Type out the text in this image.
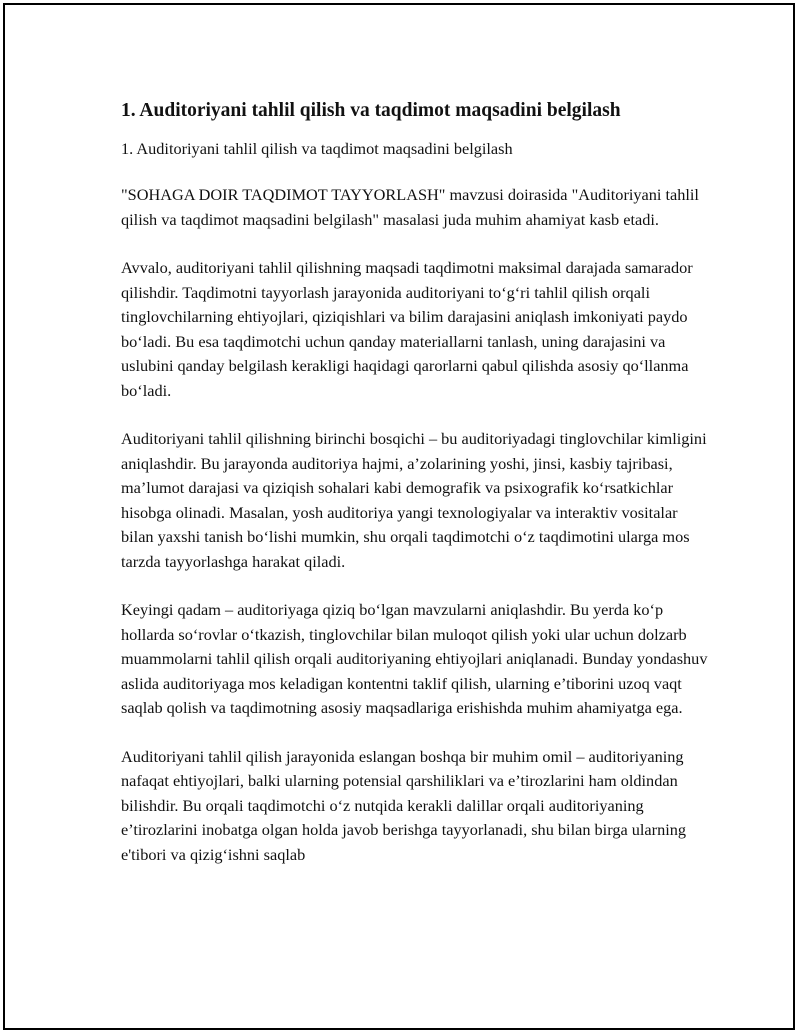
1. Auditoriyani tahlil qilish va taqdimot maqsadini belgilash
1. Auditoriyani tahlil qilish va taqdimot maqsadini belgilash

"SOHAGA DOIR TAQDIMOT TAYYORLASH" mavzusi doirasida "Auditoriyani tahlil qilish va taqdimot maqsadini belgilash" masalasi juda muhim ahamiyat kasb etadi.

Avvalo, auditoriyani tahlil qilishning maqsadi taqdimotni maksimal darajada samarador qilishdir. Taqdimotni tayyorlash jarayonida auditoriyani to‘g‘ri tahlil qilish orqali tinglovchilarning ehtiyojlari, qiziqishlari va bilim darajasini aniqlash imkoniyati paydo bo‘ladi. Bu esa taqdimotchi uchun qanday materiallarni tanlash, uning darajasini va uslubini qanday belgilash kerakligi haqidagi qarorlarni qabul qilishda asosiy qo‘llanma bo‘ladi.

Auditoriyani tahlil qilishning birinchi bosqichi – bu auditoriyadagi tinglovchilar kimligini aniqlashdir. Bu jarayonda auditoriya hajmi, a’zolarining yoshi, jinsi, kasbiy tajribasi, ma’lumot darajasi va qiziqish sohalari kabi demografik va psixografik ko‘rsatkichlar hisobga olinadi. Masalan, yosh auditoriya yangi texnologiyalar va interaktiv vositalar bilan yaxshi tanish bo‘lishi mumkin, shu orqali taqdimotchi o‘z taqdimotini ularga mos tarzda tayyorlashga harakat qiladi.

Keyingi qadam – auditoriyaga qiziq bo‘lgan mavzularni aniqlashdir. Bu yerda ko‘p hollarda so‘rovlar o‘tkazish, tinglovchilar bilan muloqot qilish yoki ular uchun dolzarb muammolarni tahlil qilish orqali auditoriyaning ehtiyojlari aniqlanadi. Bunday yondashuv aslida auditoriyaga mos keladigan kontentni taklif qilish, ularning e’tiborini uzoq vaqt saqlab qolish va taqdimotning asosiy maqsadlariga erishishda muhim ahamiyatga ega.

Auditoriyani tahlil qilish jarayonida eslangan boshqa bir muhim omil – auditoriyaning nafaqat ehtiyojlari, balki ularning potensial qarshiliklari va e’tirozlarini ham oldindan bilishdir. Bu orqali taqdimotchi o‘z nutqida kerakli dalillar orqali auditoriyaning e’tirozlarini inobatga olgan holda javob berishga tayyorlanadi, shu bilan birga ularning e'tibori va qizig‘ishni saqlab
